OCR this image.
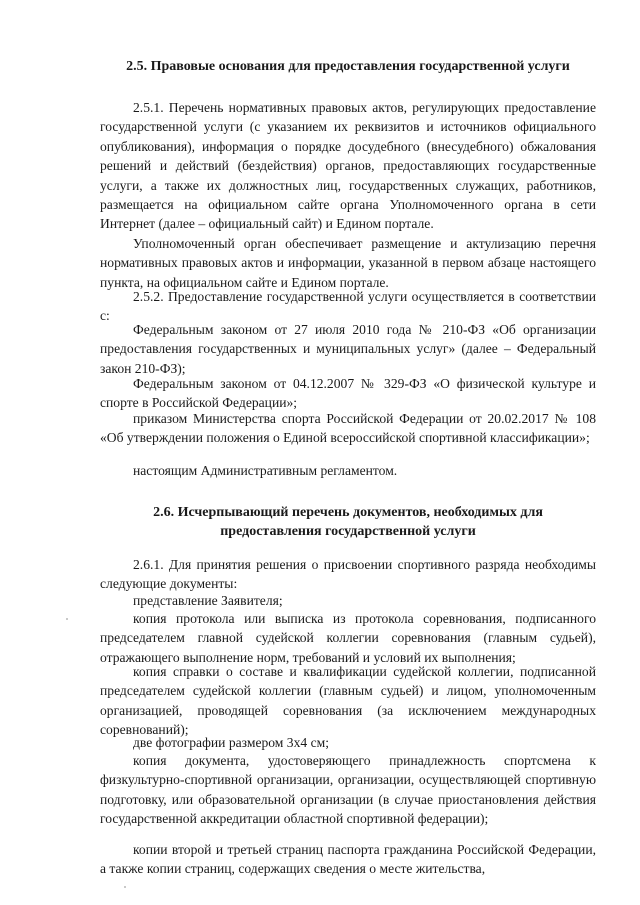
2.5. Правовые основания для предоставления государственной услуги

2.5.1. Перечень нормативных правовых актов, регулирующих предоставление государственной услуги (с указанием их реквизитов и источников официального опубликования), информация о порядке досудебного (внесудебного) обжалования решений и действий (бездействия) органов, предоставляющих государственные услуги, а также их должностных лиц, государственных служащих, работников, размещается на официальном сайте органа Уполномоченного органа в сети Интернет (далее – официальный сайт) и Едином портале.

Уполномоченный орган обеспечивает размещение и актулизацию перечня нормативных правовых актов и информации, указанной в первом абзаце настоящего пункта, на официальном сайте и Едином портале.

2.5.2. Предоставление государственной услуги осуществляется в соответствии с:

Федеральным законом от 27 июля 2010 года № 210-ФЗ «Об организации предоставления государственных и муниципальных услуг» (далее – Федеральный закон 210-ФЗ);

Федеральным законом от 04.12.2007 № 329-ФЗ «О физической культуре и спорте в Российской Федерации»;

приказом Министерства спорта Российской Федерации от 20.02.2017 № 108 «Об утверждении положения о Единой всероссийской спортивной классификации»;

настоящим Административным регламентом.

2.6. Исчерпывающий перечень документов, необходимых для
предоставления государственной услуги

2.6.1. Для принятия решения о присвоении спортивного разряда необходимы следующие документы:

представление Заявителя;

копия протокола или выписка из протокола соревнования, подписанного председателем главной судейской коллегии соревнования (главным судьей), отражающего выполнение норм, требований и условий их выполнения;

копия справки о составе и квалификации судейской коллегии, подписанной председателем судейской коллегии (главным судьей) и лицом, уполномоченным организацией, проводящей соревнования (за исключением международных соревнований);

две фотографии размером 3х4 см;

копия документа, удостоверяющего принадлежность спортсмена к физкультурно-спортивной организации, организации, осуществляющей спортивную подготовку, или образовательной организации (в случае приостановления действия государственной аккредитации областной спортивной федерации);

копии второй и третьей страниц паспорта гражданина Российской Федерации, а также копии страниц, содержащих сведения о месте жительства,
